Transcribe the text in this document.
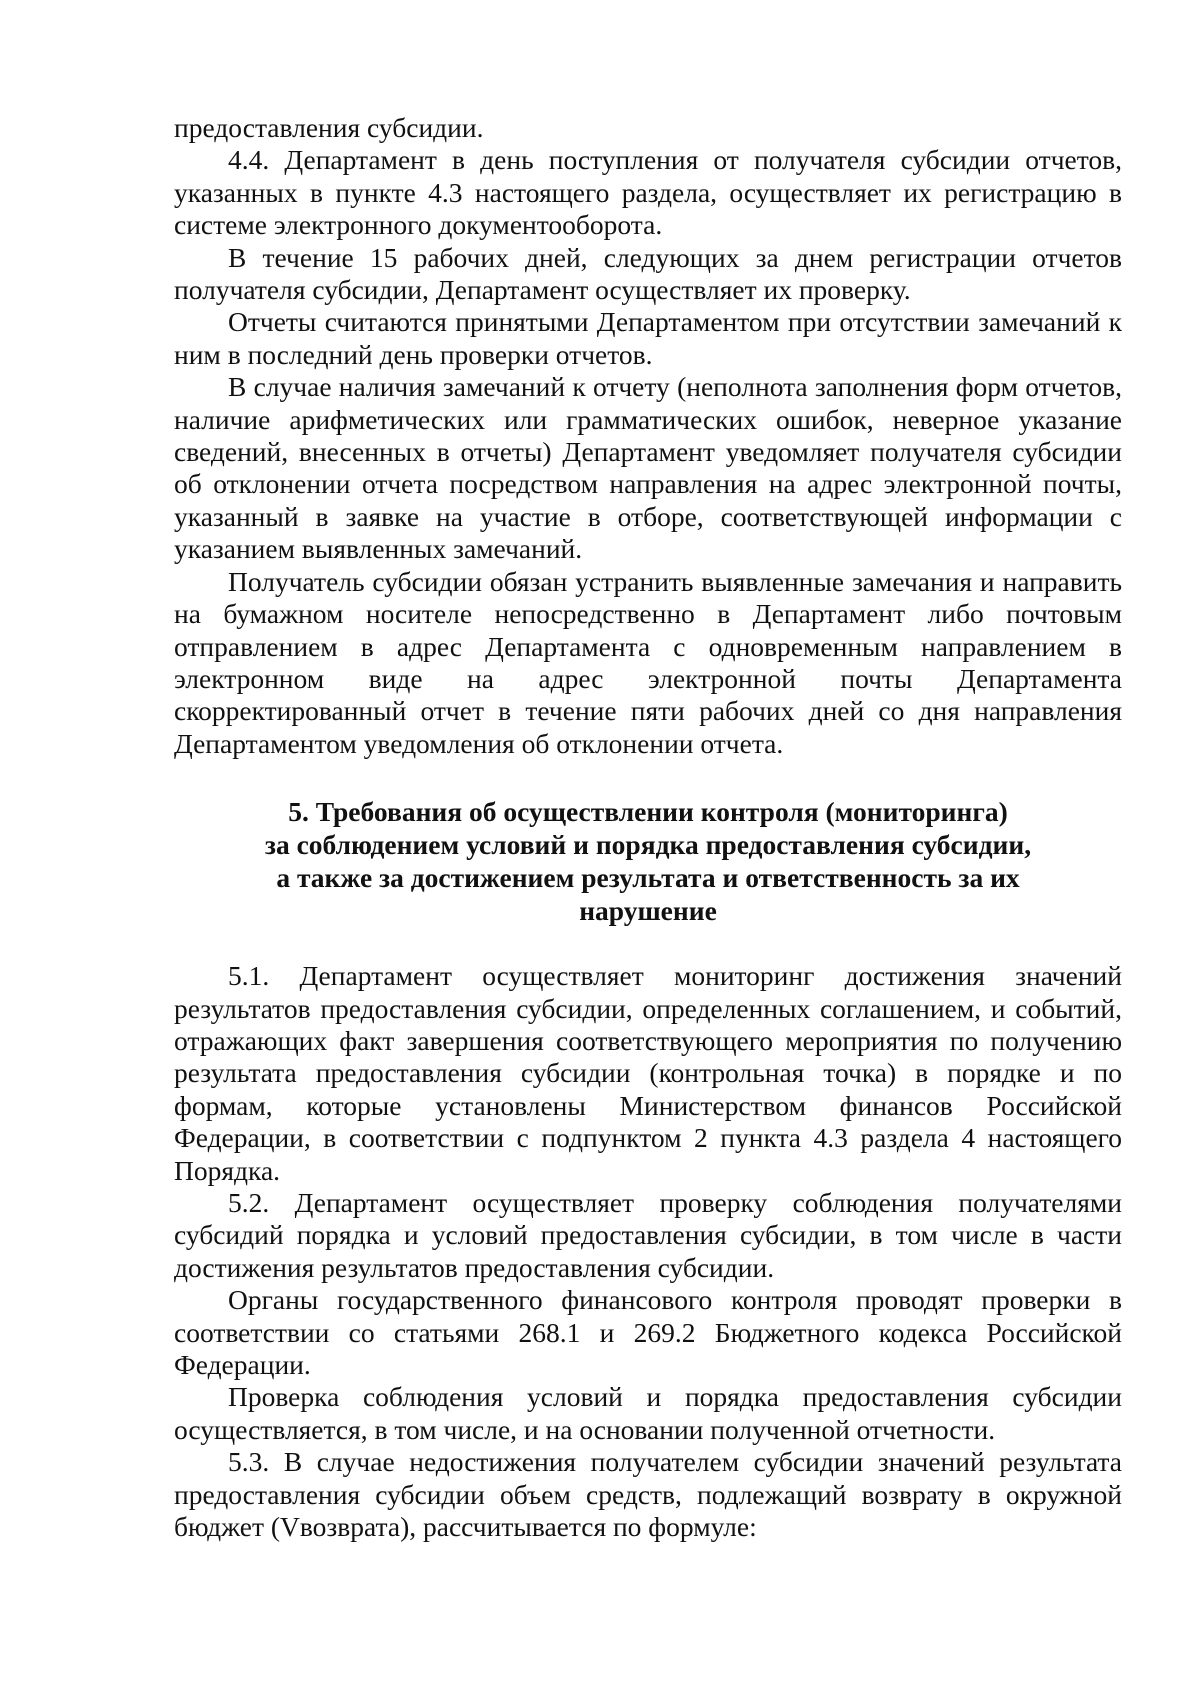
предоставления субсидии.

4.4. Департамент в день поступления от получателя субсидии отчетов, указанных в пункте 4.3 настоящего раздела, осуществляет их регистрацию в системе электронного документооборота.

В течение 15 рабочих дней, следующих за днем регистрации отчетов получателя субсидии, Департамент осуществляет их проверку.

Отчеты считаются принятыми Департаментом при отсутствии замечаний к ним в последний день проверки отчетов.

В случае наличия замечаний к отчету (неполнота заполнения форм отчетов, наличие арифметических или грамматических ошибок, неверное указание сведений, внесенных в отчеты) Департамент уведомляет получателя субсидии об отклонении отчета посредством направления на адрес электронной почты, указанный в заявке на участие в отборе, соответствующей информации с указанием выявленных замечаний.

Получатель субсидии обязан устранить выявленные замечания и направить на бумажном носителе непосредственно в Департамент либо почтовым отправлением в адрес Департамента с одновременным направлением в электронном виде на адрес электронной почты Департамента скорректированный отчет в течение пяти рабочих дней со дня направления Департаментом уведомления об отклонении отчета.

5. Требования об осуществлении контроля (мониторинга)
за соблюдением условий и порядка предоставления субсидии,
а также за достижением результата и ответственность за их
нарушение

5.1. Департамент осуществляет мониторинг достижения значений результатов предоставления субсидии, определенных соглашением, и событий, отражающих факт завершения соответствующего мероприятия по получению результата предоставления субсидии (контрольная точка) в порядке и по формам, которые установлены Министерством финансов Российской Федерации, в соответствии с подпунктом 2 пункта 4.3 раздела 4 настоящего Порядка.

5.2. Департамент осуществляет проверку соблюдения получателями субсидий порядка и условий предоставления субсидии, в том числе в части достижения результатов предоставления субсидии.

Органы государственного финансового контроля проводят проверки в соответствии со статьями 268.1 и 269.2 Бюджетного кодекса Российской Федерации.

Проверка соблюдения условий и порядка предоставления субсидии осуществляется, в том числе, и на основании полученной отчетности.

5.3. В случае недостижения получателем субсидии значений результата предоставления субсидии объем средств, подлежащий возврату в окружной бюджет (Vвозврата), рассчитывается по формуле:
